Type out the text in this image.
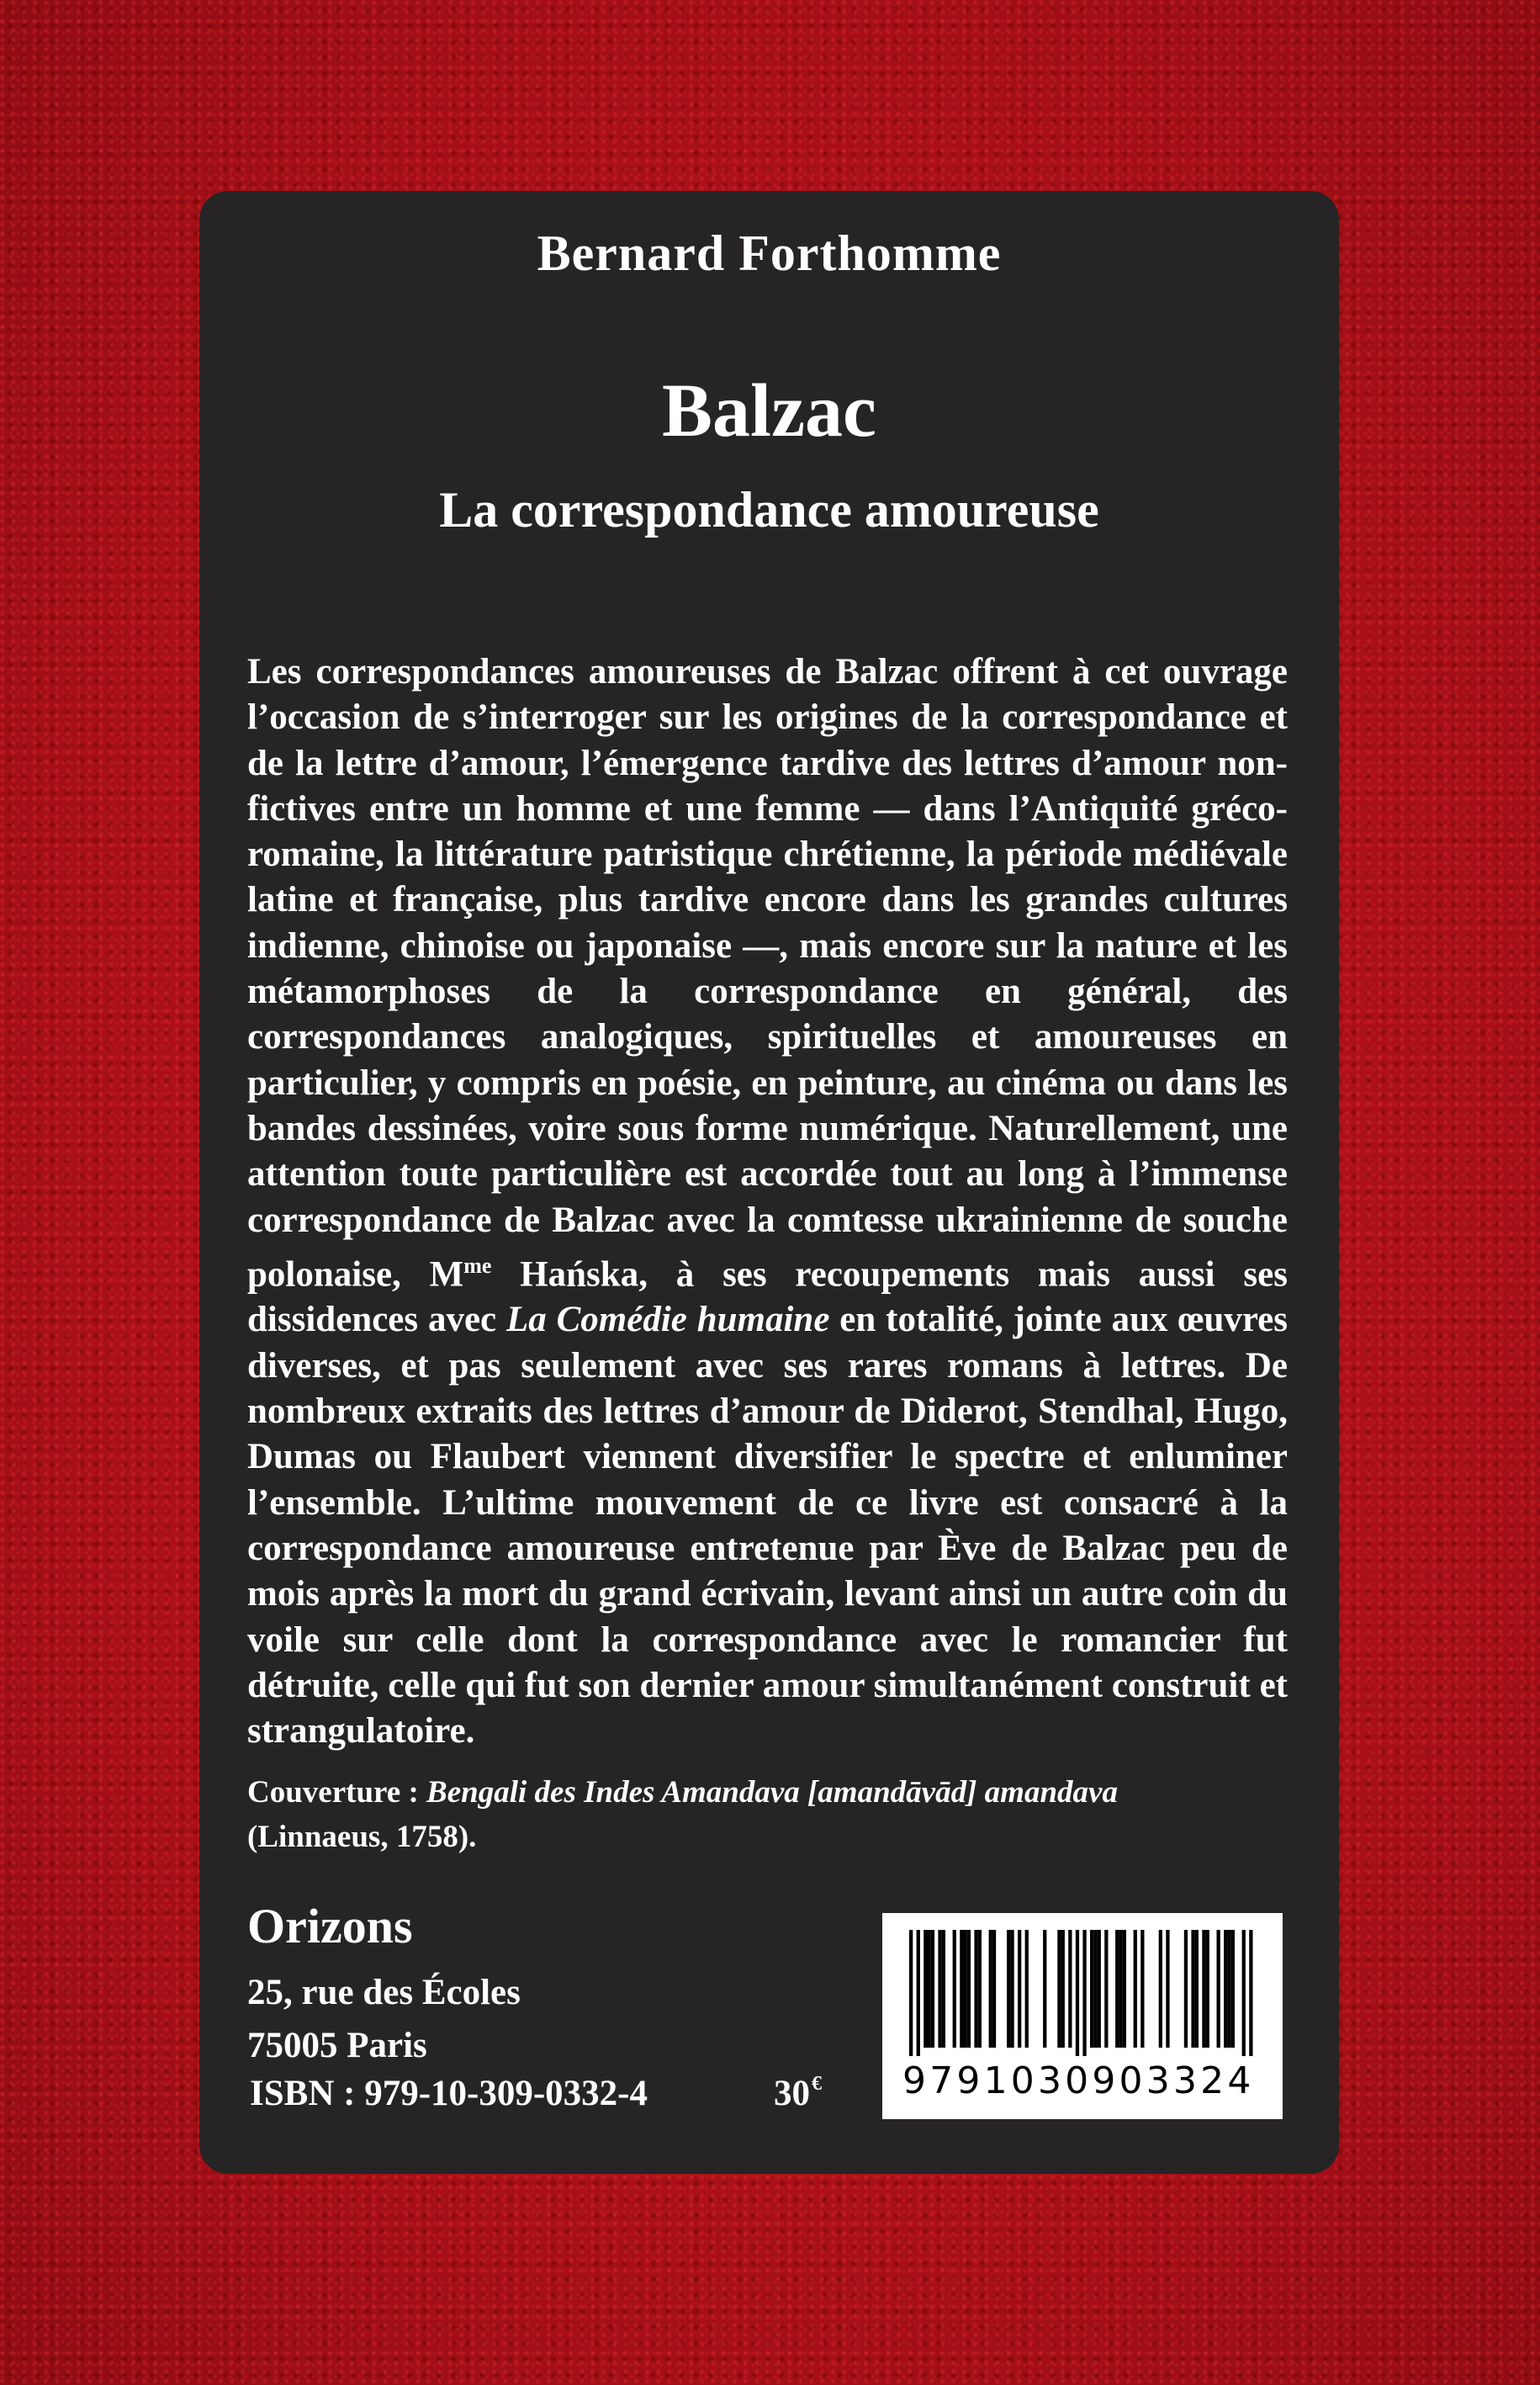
Bernard Forthomme
Balzac
La correspondance amoureuse

Les correspondances amoureuses de Balzac offrent à cet ouvrage l’occasion de s’interroger sur les origines de la correspondance et de la lettre d’amour, l’émergence tardive des lettres d’amour non-fictives entre un homme et une femme — dans l’Antiquité gréco-romaine, la littérature patristique chrétienne, la période médiévale latine et française, plus tardive encore dans les grandes cultures indienne, chinoise ou japonaise —, mais encore sur la nature et les métamorphoses de la correspondance en général, des correspondances analogiques, spirituelles et amoureuses en particulier, y compris en poésie, en peinture, au cinéma ou dans les bandes dessinées, voire sous forme numérique. Naturellement, une attention toute particulière est accordée tout au long à l’immense correspondance de Balzac avec la comtesse ukrainienne de souche polonaise, $M^{me}$ Hańska, à ses recoupements mais aussi ses dissidences avec La Comédie humaine en totalité, jointe aux œuvres diverses, et pas seulement avec ses rares romans à lettres. De nombreux extraits des lettres d’amour de Diderot, Stendhal, Hugo, Dumas ou Flaubert viennent diversifier le spectre et enluminer l’ensemble. L’ultime mouvement de ce livre est consacré à la correspondance amoureuse entretenue par Ève de Balzac peu de mois après la mort du grand écrivain, levant ainsi un autre coin du voile sur celle dont la correspondance avec le romancier fut détruite, celle qui fut son dernier amour simultanément construit et strangulatoire.

Couverture : Bengali des Indes Amandava [amandāvād] amandava
(Linnaeus, 1758).
Orizons
25, rue des Écoles
75005 Paris
ISBN : 979-10-309-0332-4	30€ 9791030903324
